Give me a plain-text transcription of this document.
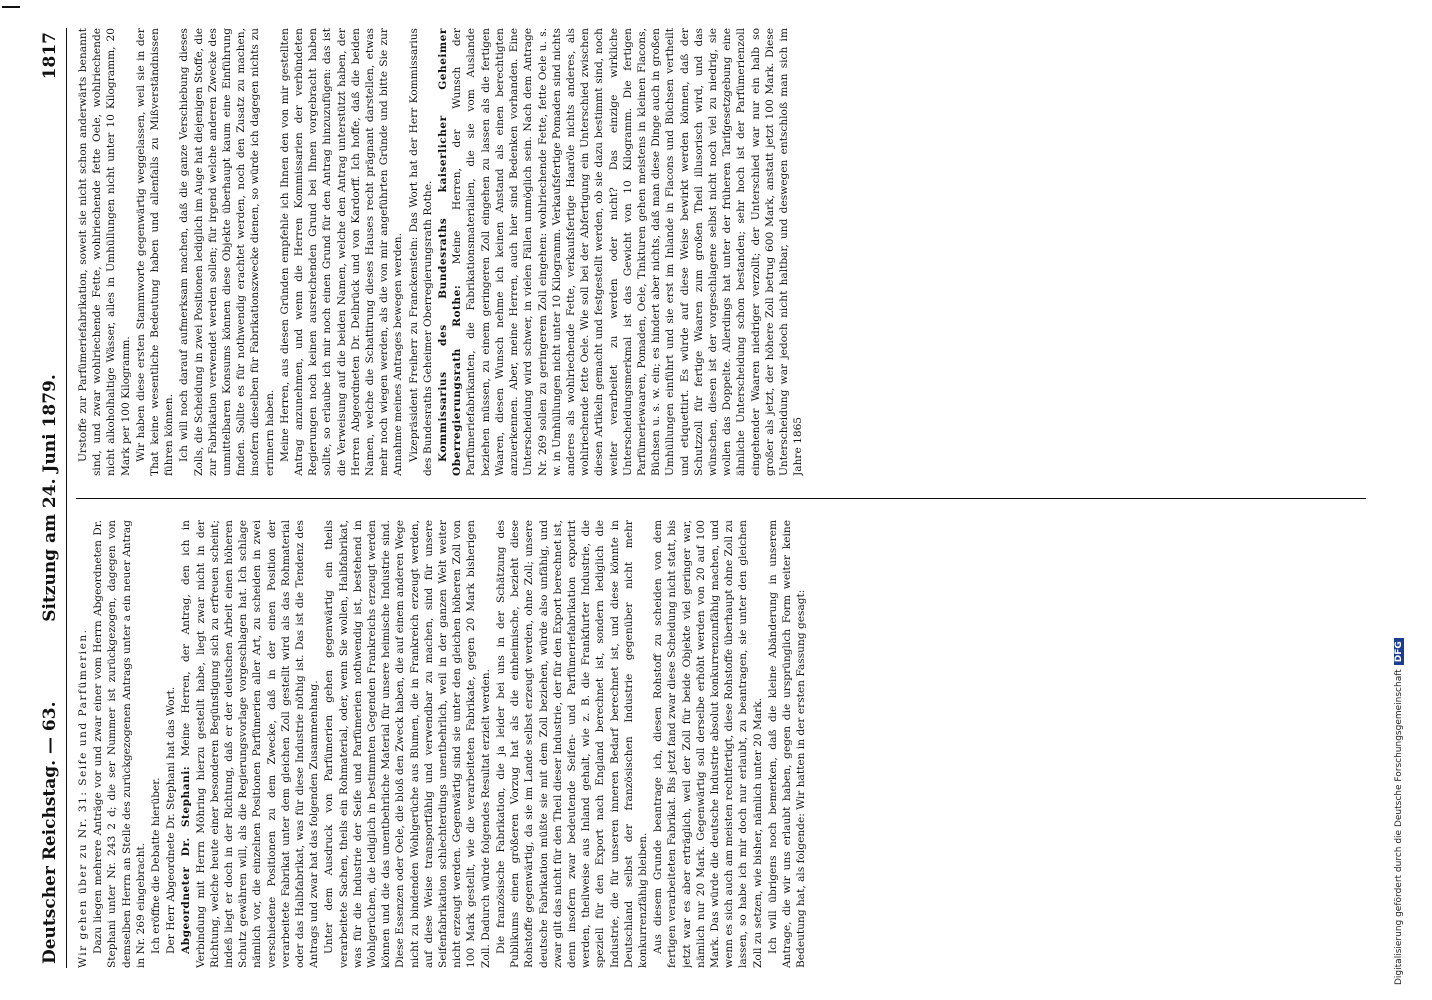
Deutscher Reichstag. — 63.
Sitzung am 24. Juni 1879.
1817

Wir gehen über zu Nr. 31: Seife und Parfümerien. Dazu liegen mehrere Anträge vor und zwar einer vom Herrn Abgeordneten Dr. Stephani unter Nr. 243 2 d; die ser Nummer ist zurückgezogen, dagegen von demselben Herrn an Stelle des zurückgezogenen Antrags unter a ein neuer Antrag in Nr. 269 eingebracht. Ich eröffne die Debatte hierüber. Der Herr Abgeordnete Dr. Stephani hat das Wort. Abgeordneter Dr. Stephani: Meine Herren, der Antrag, den ich in Verbindung mit Herrn Möhring hierzu gestellt habe, liegt zwar nicht in der Richtung, welche heute einer besonderen Begünstigung sich zu erfreuen scheint; indeß liegt er doch in der Richtung, daß er der deutschen Arbeit einen höheren Schutz gewähren will, als die Regierungsvorlage vorgeschlagen hat. Ich schlage nämlich vor, die einzelnen Positionen Parfümerien aller Art, zu scheiden in zwei verschiedene Positionen zu dem Zwecke, daß in der einen Position der verarbeitete Fabrikat unter dem gleichen Zoll gestellt wird als das Rohmaterial oder das Halbfabrikat, was für diese Industrie nöthig ist. Das ist die Tendenz des Antrags und zwar hat das folgenden Zusammenhang. Unter dem Ausdruck von Parfümerien gehen gegenwärtig ein theils verarbeitete Sachen, theils ein Rohmaterial, oder, wenn Sie wollen, Halbfabrikat, was für die Industrie der Seife und Parfümerien nothwendig ist, bestehend in Wohlgerüchen, die lediglich in bestimmten Gegenden Frankreichs erzeugt werden können und die das unentbehrliche Material für unsere heimische Industrie sind. Diese Essenzen oder Oele, die bloß den Zweck haben, die auf einem anderen Wege nicht zu bindenden Wohlgerüche aus Blumen, die in Frankreich erzeugt werden, auf diese Weise transportfähig und verwendbar zu machen, sind für unsere Seifenfabrikation schlechterdings unentbehrlich, weil in der ganzen Welt weiter nicht erzeugt werden. Gegenwärtig sind sie unter den gleichen höheren Zoll von 100 Mark gestellt, wie die verarbeiteten Fabrikate, gegen 20 Mark bisherigen Zoll. Dadurch würde folgendes Resultat erzielt werden. Die französische Fabrikation, die ja leider bei uns in der Schätzung des Publikums einen größeren Vorzug hat als die einheimische, bezieht diese Rohstoffe gegenwärtig, da sie im Lande selbst erzeugt werden, ohne Zoll; unsere deutsche Fabrikation müßte sie mit dem Zoll beziehen, würde also unfähig, und zwar gilt das nicht für den Theil dieser Industrie, der für den Export berechnet ist, denn insofern zwar bedeutende Seifen- und Parfümeriefabrikation exportirt werden, theilweise aus Inland gehalt, wie z. B. die Frankfurter Industrie, die speziell für den Export nach England berechnet ist, sondern lediglich die Industrie, die für unseren inneren Bedarf berechnet ist, und diese könnte in Deutschland selbst der französischen Industrie gegenüber nicht mehr konkurrenzfähig bleiben. Aus diesem Grunde beantrage ich, diesen Rohstoff zu scheiden von dem fertigen verarbeiteten Fabrikat. Bis jetzt fand zwar diese Scheidung nicht statt, bis jetzt war es aber erträglich, weil der Zoll für beide Objekte viel geringer war, nämlich nur 20 Mark. Gegenwärtig soll derselbe erhöht werden von 20 auf 100 Mark. Das würde die deutsche Industrie absolut konkurrenzunfähig machen, und wenn es sich auch am meisten rechtfertigt, diese Rohstoffe überhaupt ohne Zoll zu lassen, so habe ich mir doch nur erlaubt, zu beantragen, sie unter den gleichen Zoll zu setzen, wie bisher, nämlich unter 20 Mark. Ich will übrigens noch bemerken, daß die kleine Abänderung in unserem Antrage, die wir uns erlaubt haben, gegen die ursprünglich Form weiter keine Bedeutung hat, als folgende: Wir hatten in der ersten Fassung gesagt:

Urstoffe zur Parfümeriefabrikation, soweit sie nicht schon anderwärts benannt sind, und zwar wohlriechende Fette, wohlriechende fette Oele, wohlriechende nicht alkoholhaltige Wässer, alles in Umhüllungen nicht unter 10 Kilogramm, 20 Mark per 100 Kilogramm. Wir haben diese ersten Stammworte gegenwärtig weggelassen, weil sie in der That keine wesentliche Bedeutung haben und allenfalls zu Mißverständnissen führen können. Ich will noch darauf aufmerksam machen, daß die ganze Verschiebung dieses Zolls, die Scheidung in zwei Positionen lediglich im Auge hat diejenigen Stoffe, die zur Fabrikation verwendet werden sollen; für irgend welche anderen Zwecke des unmittelbaren Konsums können diese Objekte überhaupt kaum eine Einführung finden. Sollte es für nothwendig erachtet werden, noch den Zusatz zu machen, insofern dieselben für Fabrikationszwecke dienen, so würde ich dagegen nichts zu erinnern haben. Meine Herren, aus diesen Gründen empfehle ich Ihnen den von mir gestellten Antrag anzunehmen, und wenn die Herren Kommissarien der verbündeten Regierungen noch keinen ausreichenden Grund bei Ihnen vorgebracht haben sollte, so erlaube ich mir noch einen Grund für den Antrag hinzuzufügen: das ist die Verweisung auf die beiden Namen, welche den Antrag unterstützt haben, der Herren Abgeordneten Dr. Delbrück und von Kardorff. Ich hoffe, daß die beiden Namen, welche die Schattirung dieses Hauses recht prägnant darstellen, etwas mehr noch wiegen werden, als die von mir angeführten Gründe und bitte Sie zur Annahme meines Antrages bewegen werden. Vizepräsident Freiherr zu Franckenstein: Das Wort hat der Herr Kommissarius des Bundesraths Geheimer Oberregierungsrath Rothe. Kommissarius des Bundesraths kaiserlicher Geheimer Oberregierungsrath Rothe: Meine Herren, der Wunsch der Parfümeriefabrikanten, die Fabrikationsmaterialien, die sie vom Auslande beziehen müssen, zu einem geringeren Zoll eingehen zu lassen als die fertigen Waaren, diesen Wunsch nehme ich keinen Anstand als einen berechtigten anzuerkennen. Aber, meine Herren, auch hier sind Bedenken vorhanden. Eine Unterscheidung wird schwer, in vielen Fällen unmöglich sein. Nach dem Antrage Nr. 269 sollen zu geringerem Zoll eingehen: wohlriechende Fette, fette Oele u. s. w. in Umhüllungen nicht unter 10 Kilogramm. Verkaufsfertige Pomaden sind nichts anderes als wohlriechende Fette, verkaufsfertige Haaröle nichts anderes, als wohlriechende fette Oele. Wie soll bei der Abfertigung ein Unterschied zwischen diesen Artikeln gemacht und festgestellt werden, ob sie dazu bestimmt sind, noch weiter verarbeitet zu werden oder nicht? Das einzige wirkliche Unterscheidungsmerkmal ist das Gewicht von 10 Kilogramm. Die fertigen Parfümeriewaaren, Pomaden, Oele, Tinkturen gehen meistens in kleinen Flacons, Büchsen u. s. w. ein; es hindert aber nichts, daß man diese Dinge auch in großen Umhüllungen einführt und sie erst im Inlande in Flacons und Büchsen vertheilt und etiquettirt. Es würde auf diese Weise bewirkt werden können, daß der Schutzzoll für fertige Waaren zum großen Theil illusorisch wird, und das wünschen, diesen ist der vorgeschlagene selbst nicht noch viel zu niedrig, sie wollen das Doppelte. Allerdings hat unter der früheren Tarifgesetzgebung eine ähnliche Unterscheidung schon bestanden; sehr hoch ist der Parfümerienzoll eingehender Waaren niedriger verzollt; der Unterschied war nur ein halb so großer als jetzt, der höhere Zoll betrug 600 Mark, anstatt jetzt 100 Mark. Diese Unterscheidung war jedoch nicht haltbar, und deswegen entschloß man sich im Jahre 1865

Digitalisierung gefördert durch die Deutsche ForschungsgemeinschaftDFG
